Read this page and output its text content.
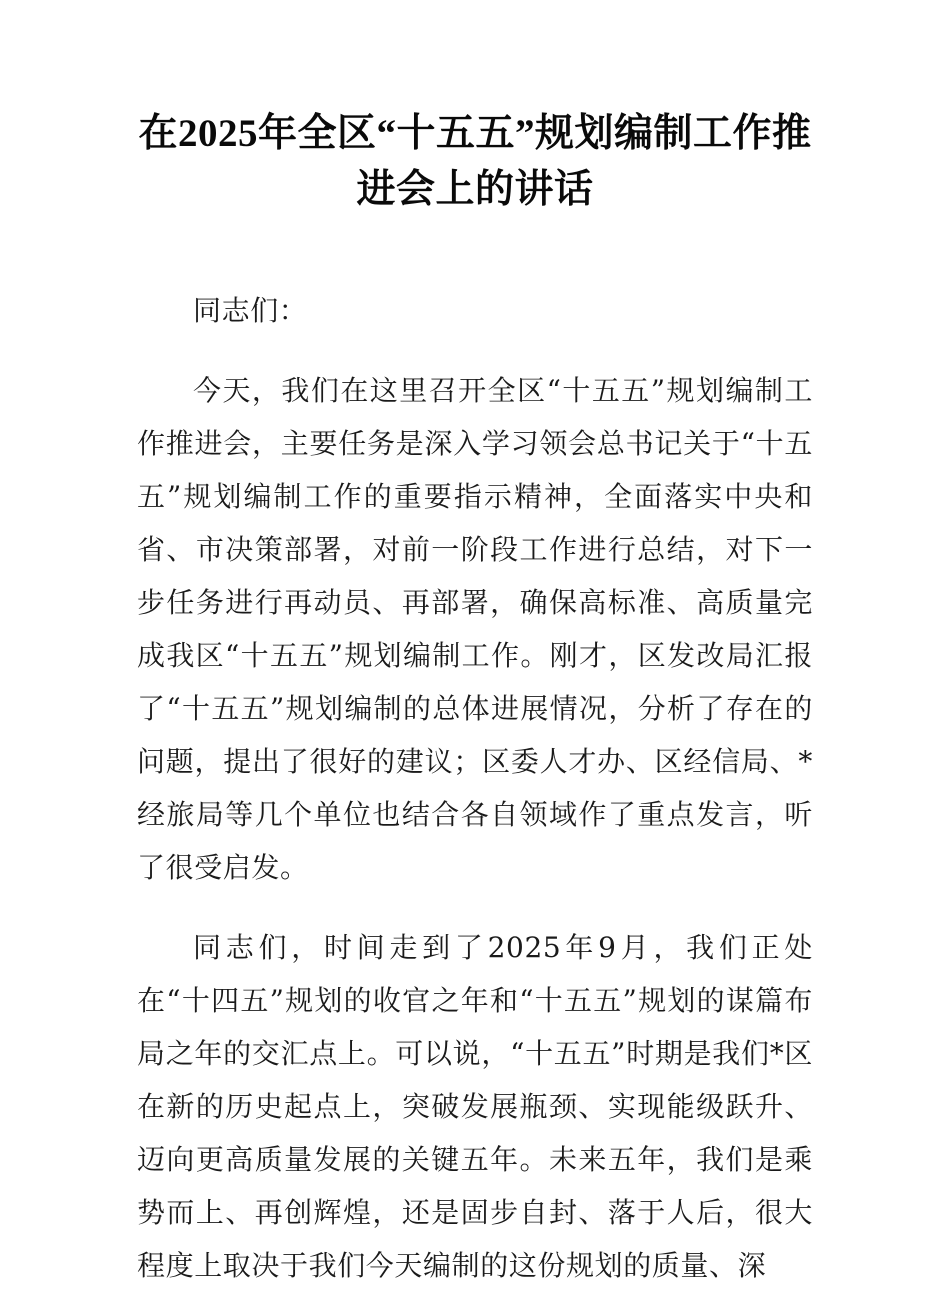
在2025年全区“十五五”规划编制工作推进会上的讲话

同志们：

今天，我们在这里召开全区“十五五”规划编制工作推进会，主要任务是深入学习领会总书记关于“十五五”规划编制工作的重要指示精神，全面落实中央和省、市决策部署，对前一阶段工作进行总结，对下一步任务进行再动员、再部署，确保高标准、高质量完成我区“十五五”规划编制工作。刚才，区发改局汇报了“十五五”规划编制的总体进展情况，分析了存在的问题，提出了很好的建议；区委人才办、区经信局、*经旅局等几个单位也结合各自领域作了重点发言，听了很受启发。

同志们，时间走到了2025年9月，我们正处在“十四五”规划的收官之年和“十五五”规划的谋篇布局之年的交汇点上。可以说，“十五五”时期是我们*区在新的历史起点上，突破发展瓶颈、实现能级跃升、迈向更高质量发展的关键五年。未来五年，我们是乘势而上、再创辉煌，还是固步自封、落于人后，很大程度上取决于我们今天编制的这份规划的质量、深
